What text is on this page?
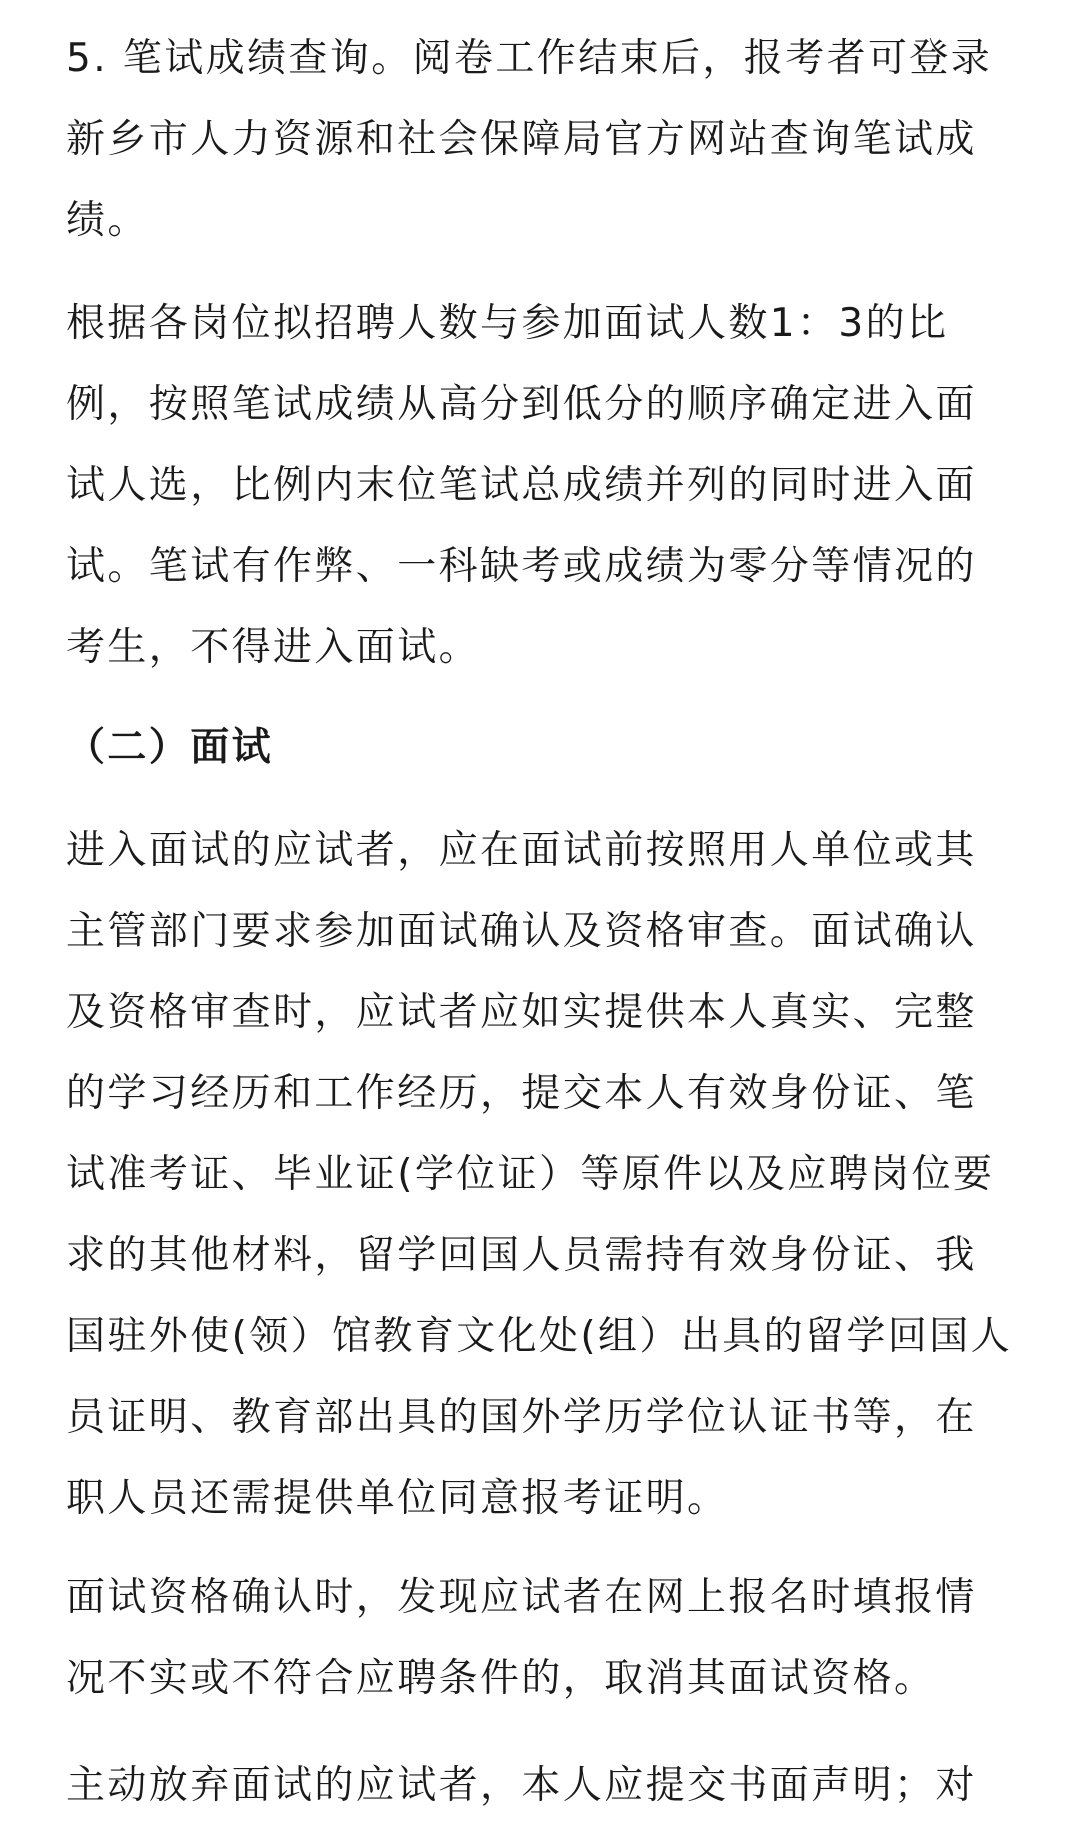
5. 笔试成绩查询。阅卷工作结束后，报考者可登录新乡市人力资源和社会保障局官方网站查询笔试成绩。

根据各岗位拟招聘人数与参加面试人数1：3的比例，按照笔试成绩从高分到低分的顺序确定进入面试人选，比例内末位笔试总成绩并列的同时进入面试。笔试有作弊、一科缺考或成绩为零分等情况的考生，不得进入面试。

（二）面试

进入面试的应试者，应在面试前按照用人单位或其主管部门要求参加面试确认及资格审查。面试确认及资格审查时，应试者应如实提供本人真实、完整的学习经历和工作经历，提交本人有效身份证、笔试准考证、毕业证(学位证）等原件以及应聘岗位要求的其他材料，留学回国人员需持有效身份证、我国驻外使(领）馆教育文化处(组）出具的留学回国人员证明、教育部出具的国外学历学位认证书等，在职人员还需提供单位同意报考证明。

面试资格确认时，发现应试者在网上报名时填报情况不实或不符合应聘条件的，取消其面试资格。

主动放弃面试的应试者，本人应提交书面声明；对
